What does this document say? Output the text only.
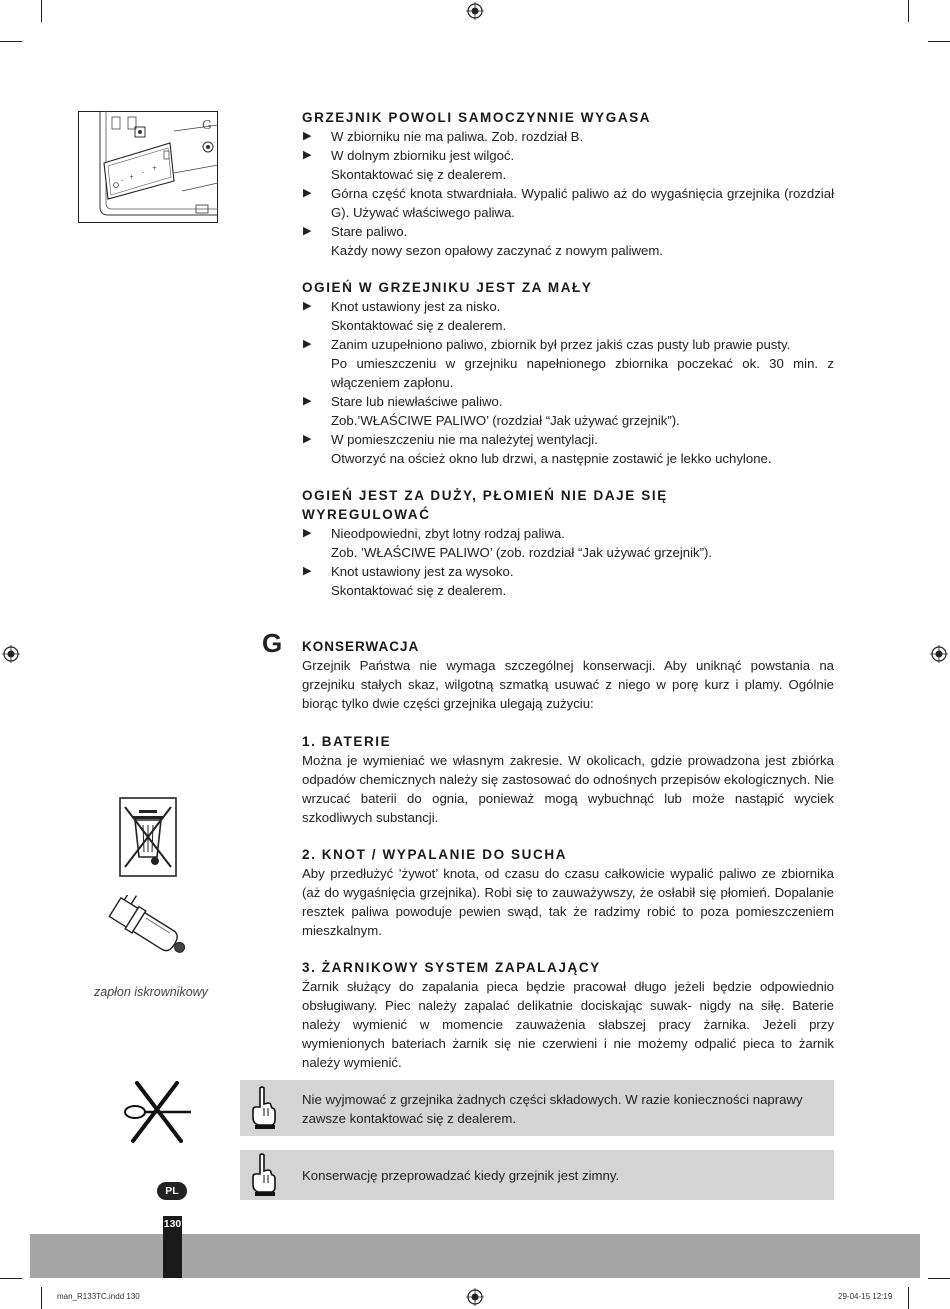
- +
-
+
G	GRZEJNIK POWOLI SAMOCZYNNIE WYGASA
▶ W zbiorniku nie ma paliwa. Zob. rozdział B.

▶ W dolnym zbiorniku jest wilgoć.

Skontaktować się z dealerem.

▶ Górna część knota stwardniała. Wypalić paliwo aż do wygaśnięcia grzejnika (rozdział G). Używać właściwego paliwa.

▶ Stare paliwo.

Każdy nowy sezon opałowy zaczynać z nowym paliwem.

OGIEŃ W GRZEJNIKU JEST ZA MAŁY
▶ Knot ustawiony jest za nisko.

Skontaktować się z dealerem.

▶ Zanim uzupełniono paliwo, zbiornik był przez jakiś czas pusty lub prawie pusty.

Po umieszczeniu w grzejniku napełnionego zbiornika poczekać ok. 30 min. z włączeniem zapłonu.

▶ Stare lub niewłaściwe paliwo.

Zob.’WŁAŚCIWE PALIWO’ (rozdział “Jak używać grzejnik”).

▶ W pomieszczeniu nie ma należytej wentylacji.

Otworzyć na oścież okno lub drzwi, a następnie zostawić je lekko uchylone.

OGIEŃ JEST ZA DUŻY, PŁOMIEŃ NIE DAJE SIĘ WYREGULOWAĆ
▶ Nieodpowiedni, zbyt lotny rodzaj paliwa.

Zob. ’WŁAŚCIWE PALIWO’ (zob. rozdział “Jak używać grzejnik”).

▶ Knot ustawiony jest za wysoko.

Skontaktować się z dealerem.

G KONSERWACJA

Grzejnik Państwa nie wymaga szczególnej konserwacji. Aby uniknąć powstania na grzejniku stałych skaz, wilgotną szmatką usuwać z niego w porę kurz i plamy. Ogólnie biorąc tylko dwie części grzejnika ulegają zużyciu:

1. BATERIE

Można je wymieniać we własnym zakresie. W okolicach, gdzie prowadzona jest zbiórka odpadów chemicznych należy się zastosować do odnośnych przepisów ekologicznych. Nie wrzucać baterii do ognia, ponieważ mogą wybuchnąć lub może nastąpić wyciek szkodliwych substancji.

2. KNOT / WYPALANIE DO SUCHA

Aby przedłużyć ’żywot’ knota, od czasu do czasu całkowicie wypalić paliwo ze zbiornika (aż do wygaśnięcia grzejnika). Robi się to zauważywszy, że osłabił się płomień. Dopalanie resztek paliwa powoduje pewien swąd, tak że radzimy robić to poza pomieszczeniem mieszkalnym.

3. ŻARNIKOWY SYSTEM ZAPALAJĄCY

Żarnik służący do zapalania pieca będzie pracował długo jeżeli będzie odpowiednio obsługiwany. Piec należy zapalać delikatnie dociskając suwak- nigdy na siłę. Baterie należy wymienić w momencie zauważenia słabszej pracy żarnika. Jeżeli przy wymienionych bateriach żarnik się nie czerwieni i nie możemy odpalić pieca to żarnik należy wymienić.

zapłon iskrownikowy
Nie wyjmować z grzejnika żadnych części składowych. W razie konieczności naprawy zawsze kontaktować się z dealerem.
Konserwację przeprowadzać kiedy grzejnik jest zimny.
PL
130
man_R133TC.indd 130	29-04-15 12:19
